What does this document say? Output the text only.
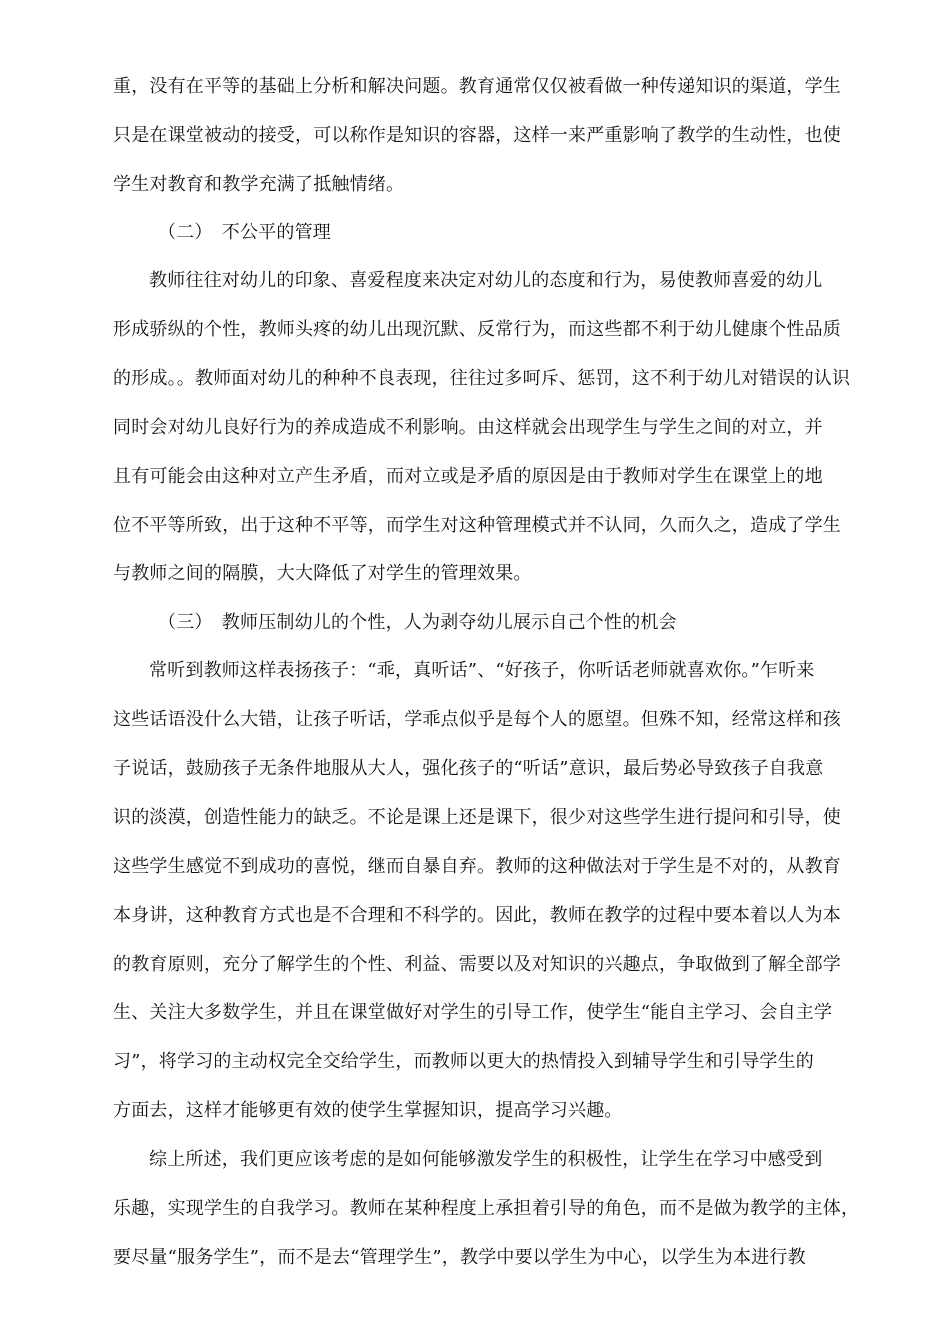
重，没有在平等的基础上分析和解决问题。教育通常仅仅被看做一种传递知识的渠道，学生
只是在课堂被动的接受，可以称作是知识的容器，这样一来严重影响了教学的生动性，也使
学生对教育和教学充满了抵触情绪。
（二）　不公平的管理
教师往往对幼儿的印象、喜爱程度来决定对幼儿的态度和行为，易使教师喜爱的幼儿
形成骄纵的个性，教师头疼的幼儿出现沉默、反常行为，而这些都不利于幼儿健康个性品质
的形成。。教师面对幼儿的种种不良表现，往往过多呵斥、惩罚，这不利于幼儿对错误的认识
同时会对幼儿良好行为的养成造成不利影响。由这样就会出现学生与学生之间的对立，并
且有可能会由这种对立产生矛盾，而对立或是矛盾的原因是由于教师对学生在课堂上的地
位不平等所致，出于这种不平等，而学生对这种管理模式并不认同，久而久之，造成了学生
与教师之间的隔膜，大大降低了对学生的管理效果。
（三）　教师压制幼儿的个性，人为剥夺幼儿展示自己个性的机会
常听到教师这样表扬孩子：“乖，真听话”、“好孩子，你听话老师就喜欢你。”乍听来
这些话语没什么大错，让孩子听话，学乖点似乎是每个人的愿望。但殊不知，经常这样和孩
子说话，鼓励孩子无条件地服从大人，强化孩子的“听话”意识，最后势必导致孩子自我意
识的淡漠，创造性能力的缺乏。不论是课上还是课下，很少对这些学生进行提问和引导，使
这些学生感觉不到成功的喜悦，继而自暴自弃。教师的这种做法对于学生是不对的，从教育
本身讲，这种教育方式也是不合理和不科学的。因此，教师在教学的过程中要本着以人为本
的教育原则，充分了解学生的个性、利益、需要以及对知识的兴趣点，争取做到了解全部学
生、关注大多数学生，并且在课堂做好对学生的引导工作，使学生“能自主学习、会自主学
习”，将学习的主动权完全交给学生，而教师以更大的热情投入到辅导学生和引导学生的
方面去，这样才能够更有效的使学生掌握知识，提高学习兴趣。
综上所述，我们更应该考虑的是如何能够激发学生的积极性，让学生在学习中感受到
乐趣，实现学生的自我学习。教师在某种程度上承担着引导的角色，而不是做为教学的主体，
要尽量“服务学生”，而不是去“管理学生”，教学中要以学生为中心，以学生为本进行教
